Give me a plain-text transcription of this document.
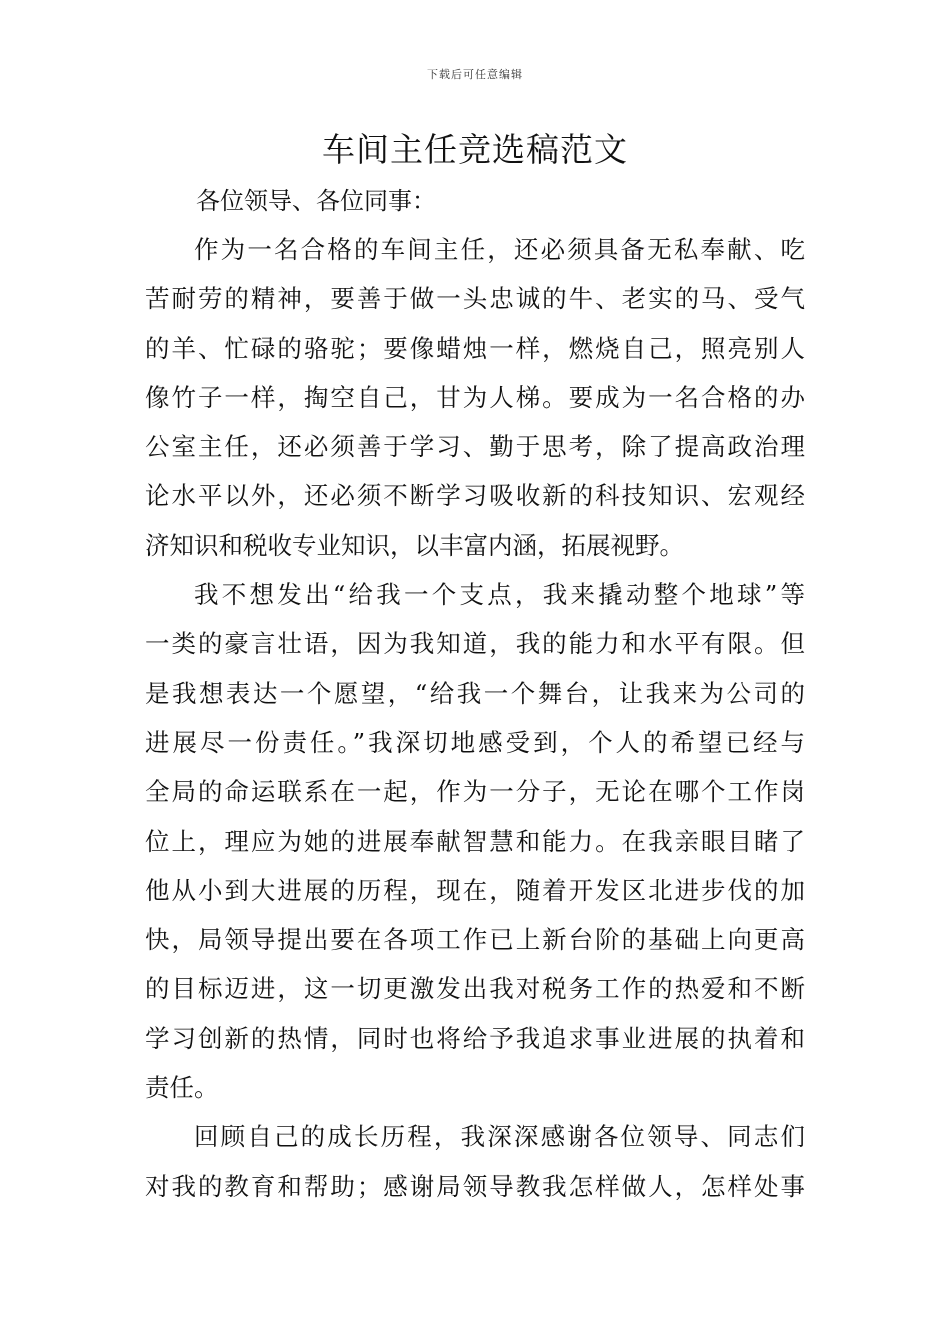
下载后可任意编辑
车间主任竞选稿范文

各位领导、各位同事：

作为一名合格的车间主任，还必须具备无私奉献、吃
苦耐劳的精神，要善于做一头忠诚的牛、老实的马、受气
的羊、忙碌的骆驼；要像蜡烛一样，燃烧自己，照亮别人
像竹子一样，掏空自己，甘为人梯。要成为一名合格的办
公室主任，还必须善于学习、勤于思考，除了提高政治理
论水平以外，还必须不断学习吸收新的科技知识、宏观经
济知识和税收专业知识，以丰富内涵，拓展视野。
我不想发出“给我一个支点，我来撬动整个地球”等
一类的豪言壮语，因为我知道，我的能力和水平有限。但
是我想表达一个愿望，“给我一个舞台，让我来为公司的
进展尽一份责任。”我深切地感受到，个人的希望已经与
全局的命运联系在一起，作为一分子，无论在哪个工作岗
位上，理应为她的进展奉献智慧和能力。在我亲眼目睹了
他从小到大进展的历程，现在，随着开发区北进步伐的加
快，局领导提出要在各项工作已上新台阶的基础上向更高
的目标迈进，这一切更激发出我对税务工作的热爱和不断
学习创新的热情，同时也将给予我追求事业进展的执着和
责任。
回顾自己的成长历程，我深深感谢各位领导、同志们
对我的教育和帮助；感谢局领导教我怎样做人，怎样处事
